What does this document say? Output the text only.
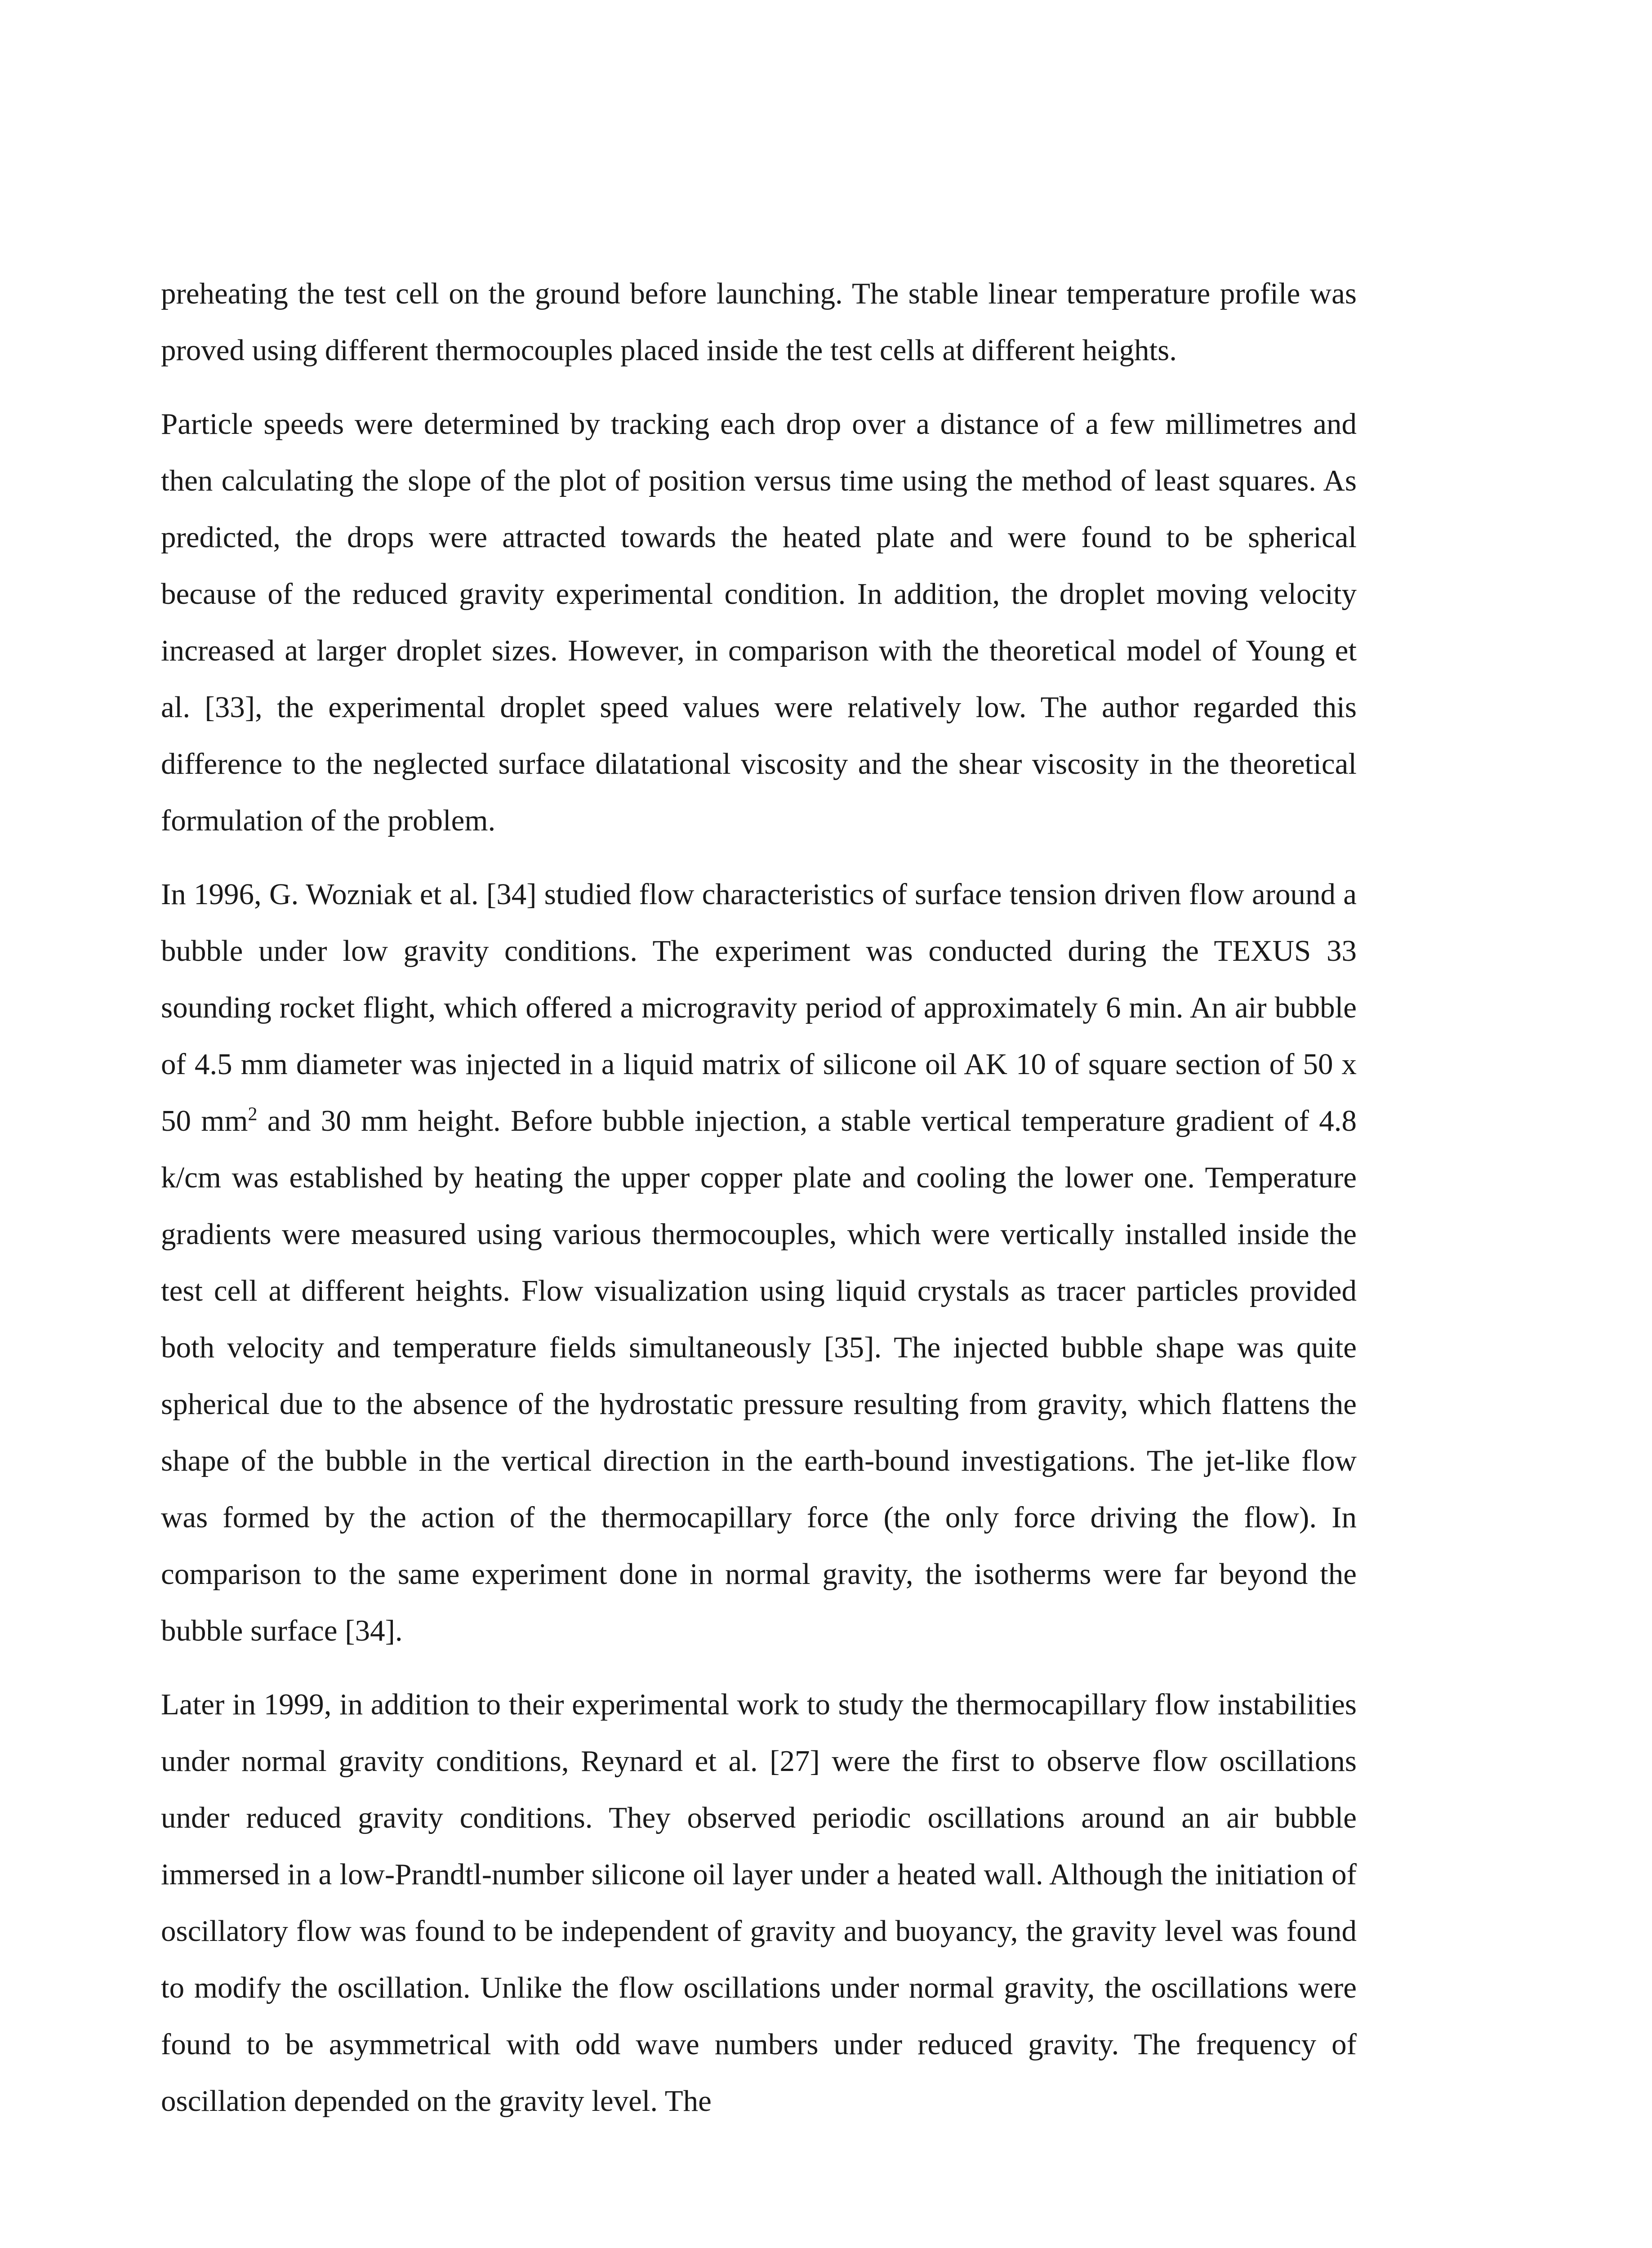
preheating the test cell on the ground before launching. The stable linear temperature profile was proved using different thermocouples placed inside the test cells at different heights.

Particle speeds were determined by tracking each drop over a distance of a few millimetres and then calculating the slope of the plot of position versus time using the method of least squares. As predicted, the drops were attracted towards the heated plate and were found to be spherical because of the reduced gravity experimental condition. In addition, the droplet moving velocity increased at larger droplet sizes. However, in comparison with the theoretical model of Young et al. [33], the experimental droplet speed values were relatively low. The author regarded this difference to the neglected surface dilatational viscosity and the shear viscosity in the theoretical formulation of the problem.

In 1996, G. Wozniak et al. [34] studied flow characteristics of surface tension driven flow around a bubble under low gravity conditions. The experiment was conducted during the TEXUS 33 sounding rocket flight, which offered a microgravity period of approximately 6 min. An air bubble of 4.5 mm diameter was injected in a liquid matrix of silicone oil AK 10 of square section of 50 x 50 $mm^2$ and 30 mm height. Before bubble injection, a stable vertical temperature gradient of 4.8 k/cm was established by heating the upper copper plate and cooling the lower one. Temperature gradients were measured using various thermocouples, which were vertically installed inside the test cell at different heights. Flow visualization using liquid crystals as tracer particles provided both velocity and temperature fields simultaneously [35]. The injected bubble shape was quite spherical due to the absence of the hydrostatic pressure resulting from gravity, which flattens the shape of the bubble in the vertical direction in the earth-bound investigations. The jet-like flow was formed by the action of the thermocapillary force (the only force driving the flow). In comparison to the same experiment done in normal gravity, the isotherms were far beyond the bubble surface [34].

Later in 1999, in addition to their experimental work to study the thermocapillary flow instabilities under normal gravity conditions, Reynard et al. [27] were the first to observe flow oscillations under reduced gravity conditions. They observed periodic oscillations around an air bubble immersed in a low-Prandtl-number silicone oil layer under a heated wall. Although the initiation of oscillatory flow was found to be independent of gravity and buoyancy, the gravity level was found to modify the oscillation. Unlike the flow oscillations under normal gravity, the oscillations were found to be asymmetrical with odd wave numbers under reduced gravity. The frequency of oscillation depended on the gravity level. The
